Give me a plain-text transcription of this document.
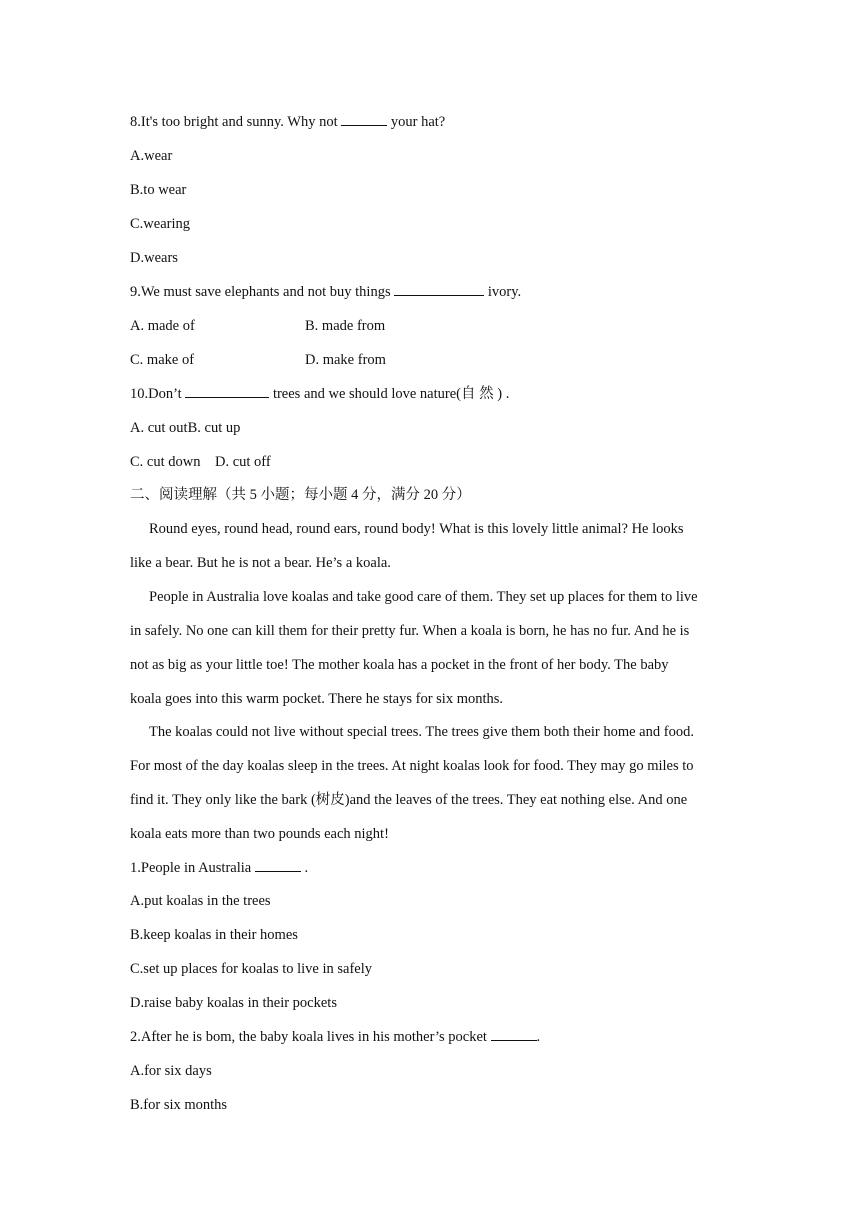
8.It's too bright and sunny. Why not	your hat?
A.wear
B.to wear
C.wearing
D.wears
9.We must save elephants and not buy things	ivory.
A. made of	B. made from
C. make of	D. make from
10.Don’t	trees and we should love nature(自 然 ) .
A. cut outB. cut up
C. cut down    D. cut off
二、阅读理解（共 5 小题；每小题 4 分，满分 20 分）
Round eyes, round head, round ears, round body! What is this lovely little animal? He looks
like a bear. But he is not a bear. He’s a koala.
People in Australia love koalas and take good care of them. They set up places for them to live
in safely. No one can kill them for their pretty fur. When a koala is born, he has no fur. And he is
not as big as your little toe! The mother koala has a pocket in the front of her body. The baby
koala goes into this warm pocket. There he stays for six months.
The koalas could not live without special trees. The trees give them both their home and food.
For most of the day koalas sleep in the trees. At night koalas look for food. They may go miles to
find it. They only like the bark (树皮)and the leaves of the trees. They eat nothing else. And one
koala eats more than two pounds each night!
1.People in Australia	.
A.put koalas in the trees
B.keep koalas in their homes
C.set up places for koalas to live in safely
D.raise baby koalas in their pockets
2.After he is bom, the baby koala lives in his mother’s pocket	.
A.for six days
B.for six months
